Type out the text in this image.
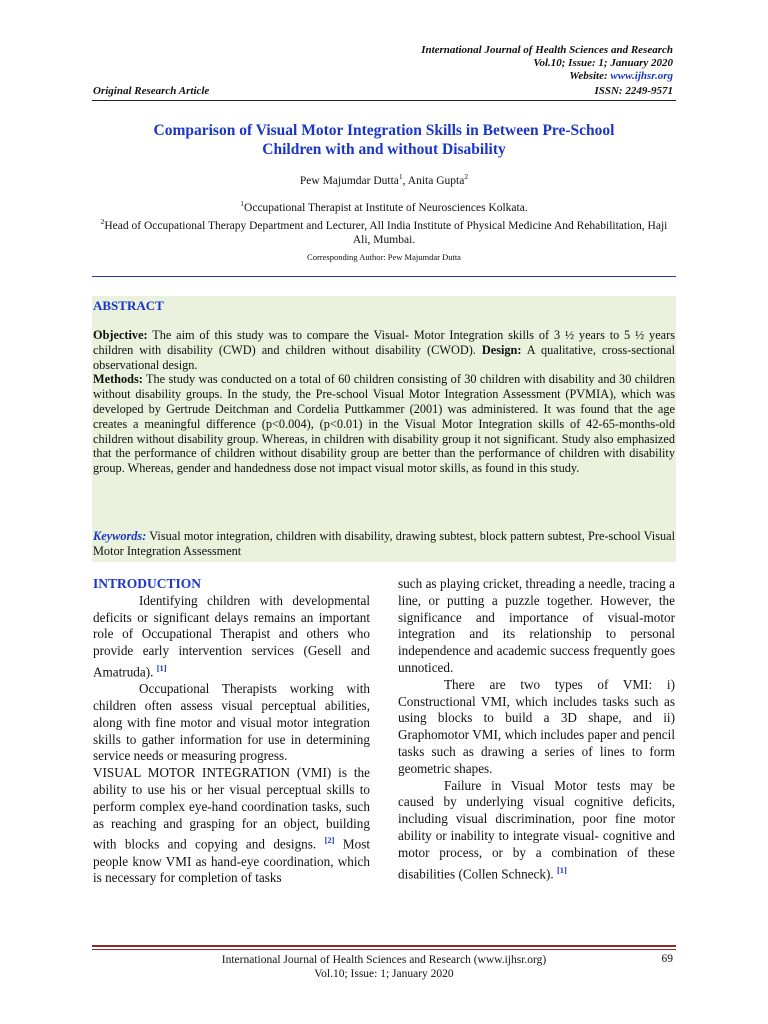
International Journal of Health Sciences and Research
Vol.10; Issue: 1; January 2020
Website: www.ijhsr.org
Original Research Article	ISSN: 2249-9571
Comparison of Visual Motor Integration Skills in Between Pre-School
Children with and without Disability
Pew Majumdar Dutta$^1$, Anita Gupta$^2$
$^1$Occupational Therapist at Institute of Neurosciences Kolkata.
$^2$Head of Occupational Therapy Department and Lecturer, All India Institute of Physical Medicine And Rehabilitation, Haji Ali, Mumbai.
Corresponding Author: Pew Majumdar Dutta
ABSTRACT

Objective: The aim of this study was to compare the Visual- Motor Integration skills of 3 ½ years to 5 ½ years children with disability (CWD) and children without disability (CWOD). Design: A qualitative, cross-sectional observational design.

Methods: The study was conducted on a total of 60 children consisting of 30 children with disability and 30 children without disability groups. In the study, the Pre-school Visual Motor Integration Assessment (PVMIA), which was developed by Gertrude Deitchman and Cordelia Puttkammer (2001) was administered. It was found that the age creates a meaningful difference (p<0.004), (p<0.01) in the Visual Motor Integration skills of 42-65-months-old children without disability group. Whereas, in children with disability group it not significant. Study also emphasized that the performance of children without disability group are better than the performance of children with disability group. Whereas, gender and handedness dose not impact visual motor skills, as found in this study.

Keywords: Visual motor integration, children with disability, drawing subtest, block pattern subtest, Pre-school Visual Motor Integration Assessment

INTRODUCTION

Identifying children with developmental deficits or significant delays remains an important role of Occupational Therapist and others who provide early intervention services (Gesell and Amatruda). [1]

Occupational Therapists working with children often assess visual perceptual abilities, along with fine motor and visual motor integration skills to gather information for use in determining service needs or measuring progress.

VISUAL MOTOR INTEGRATION (VMI) is the ability to use his or her visual perceptual skills to perform complex eye-hand coordination tasks, such as reaching and grasping for an object, building with blocks and copying and designs. [2] Most people know VMI as hand-eye coordination, which is necessary for completion of tasks

such as playing cricket, threading a needle, tracing a line, or putting a puzzle together. However, the significance and importance of visual-motor integration and its relationship to personal independence and academic success frequently goes unnoticed.

There are two types of VMI: i) Constructional VMI, which includes tasks such as using blocks to build a 3D shape, and ii) Graphomotor VMI, which includes paper and pencil tasks such as drawing a series of lines to form geometric shapes.

Failure in Visual Motor tests may be caused by underlying visual cognitive deficits, including visual discrimination, poor fine motor ability or inability to integrate visual- cognitive and motor process, or by a combination of these disabilities (Collen Schneck). [1]

International Journal of Health Sciences and Research (www.ijhsr.org)
Vol.10; Issue: 1; January 2020
69
